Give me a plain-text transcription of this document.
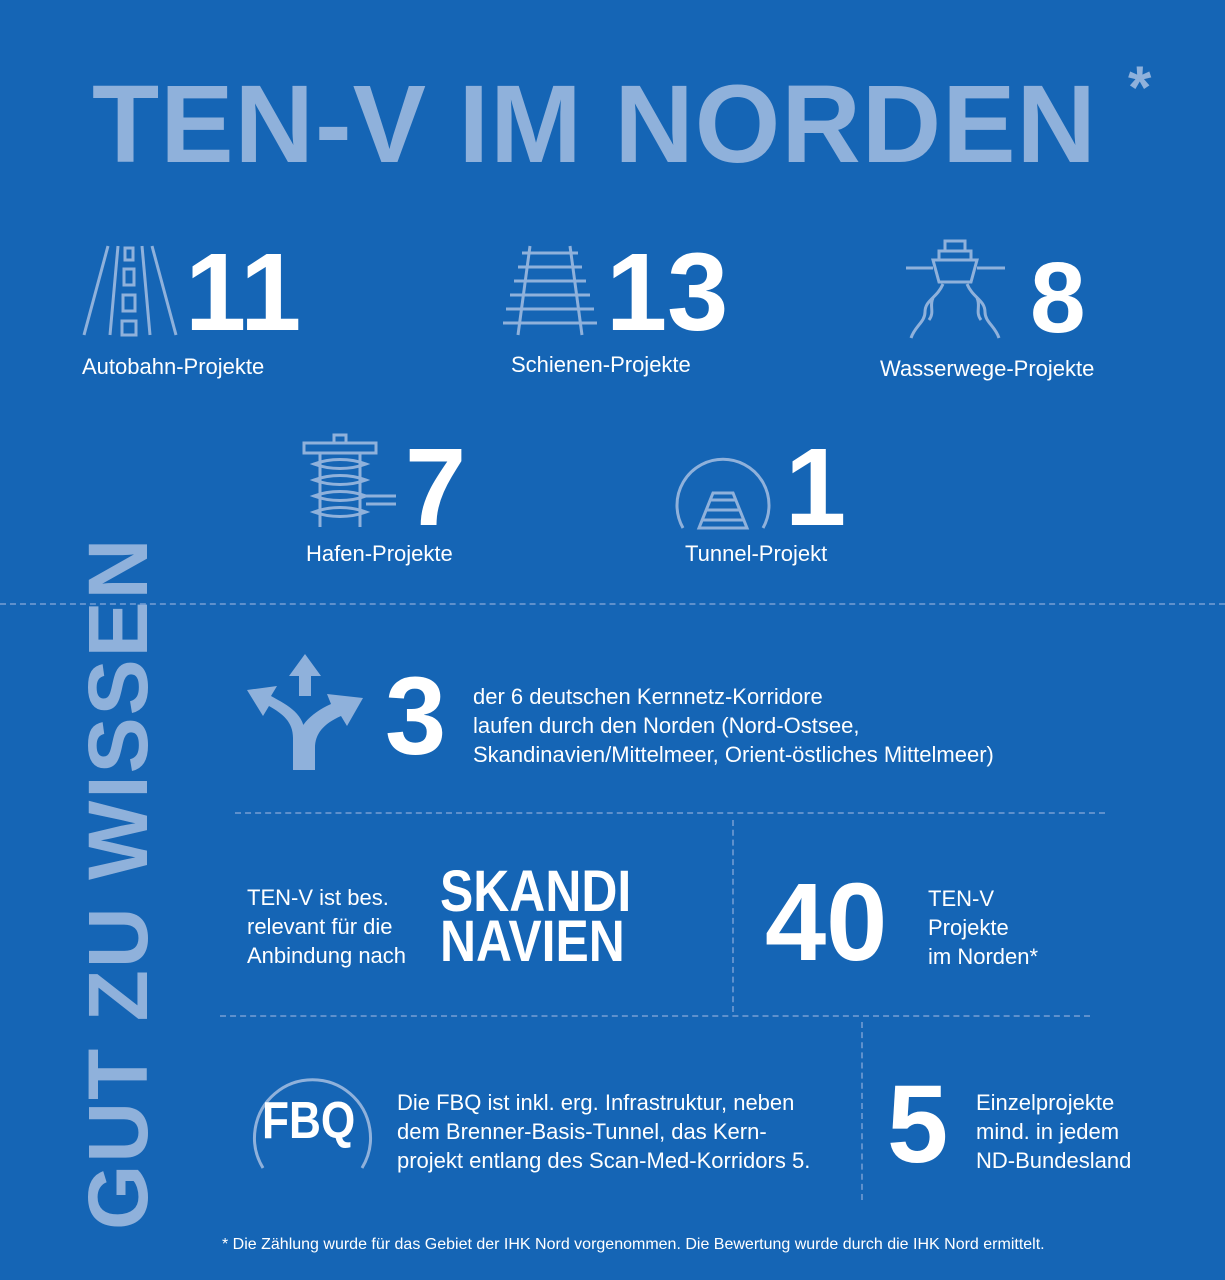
TEN-V IM NORDEN *
11
Autobahn-Projekte
13
Schienen-Projekte
8
Wasserwege-Projekte
7
Hafen-Projekte
1
Tunnel-Projekt
GUT ZU WISSEN 3 der 6 deutschen Kernnetz-Korridore
laufen durch den Norden (Nord-Ostsee,
Skandinavien/Mittelmeer, Orient-östliches Mittelmeer)
TEN-V ist bes.
relevant für die
Anbindung nach
SKANDI
NAVIEN 40 TEN-V
Projekte
im Norden*
FBQ Die FBQ ist inkl. erg. Infrastruktur, neben
dem Brenner-Basis-Tunnel, das Kern-
projekt entlang des Scan-Med-Korridors 5. 5 Einzelprojekte
mind. in jedem
ND-Bundesland
* Die Zählung wurde für das Gebiet der IHK Nord vorgenommen. Die Bewertung wurde durch die IHK Nord ermittelt.
